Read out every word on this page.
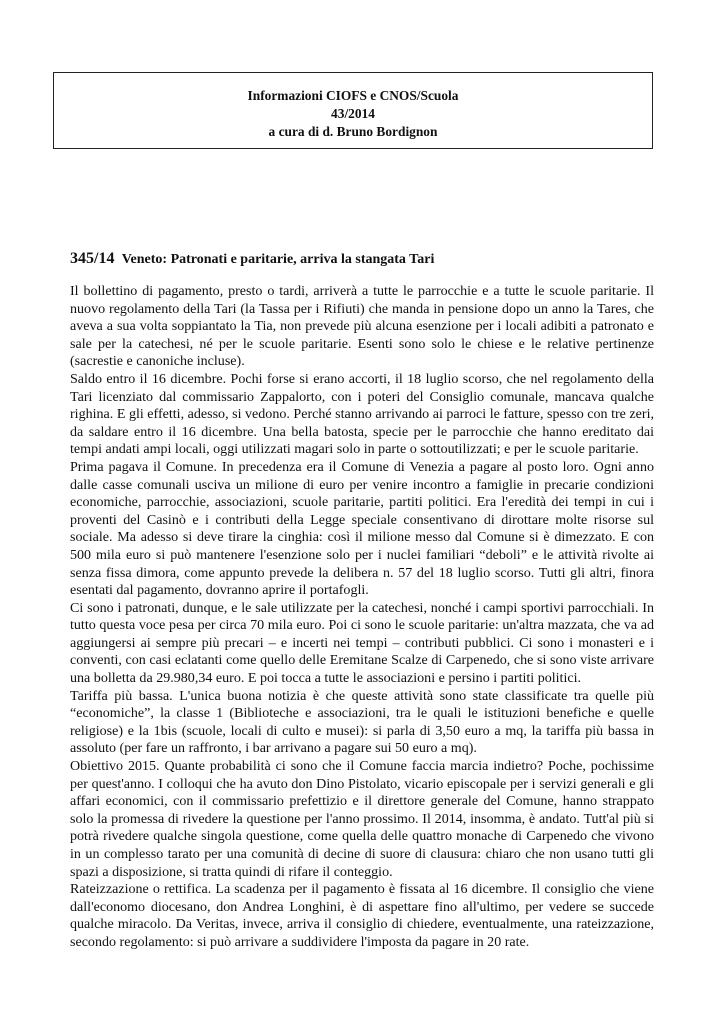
Informazioni CIOFS e CNOS/Scuola
43/2014
a cura di d. Bruno Bordignon
345/14 Veneto: Patronati e paritarie, arriva la stangata Tari

Il bollettino di pagamento, presto o tardi, arriverà a tutte le parrocchie e a tutte le scuole paritarie. Il nuovo regolamento della Tari (la Tassa per i Rifiuti) che manda in pensione dopo un anno la Tares, che aveva a sua volta soppiantato la Tia, non prevede più alcuna esenzione per i locali adibiti a patronato e sale per la catechesi, né per le scuole paritarie. Esenti sono solo le chiese e le relative pertinenze (sacrestie e canoniche incluse).

Saldo entro il 16 dicembre. Pochi forse si erano accorti, il 18 luglio scorso, che nel regolamento della Tari licenziato dal commissario Zappalorto, con i poteri del Consiglio comunale, mancava qualche righina. E gli effetti, adesso, si vedono. Perché stanno arrivando ai parroci le fatture, spesso con tre zeri, da saldare entro il 16 dicembre. Una bella batosta, specie per le parrocchie che hanno ereditato dai tempi andati ampi locali, oggi utilizzati magari solo in parte o sottoutilizzati; e per le scuole paritarie.

Prima pagava il Comune. In precedenza era il Comune di Venezia a pagare al posto loro. Ogni anno dalle casse comunali usciva un milione di euro per venire incontro a famiglie in precarie condizioni economiche, parrocchie, associazioni, scuole paritarie, partiti politici. Era l'eredità dei tempi in cui i proventi del Casinò e i contributi della Legge speciale consentivano di dirottare molte risorse sul sociale. Ma adesso si deve tirare la cinghia: così il milione messo dal Comune si è dimezzato. E con 500 mila euro si può mantenere l'esenzione solo per i nuclei familiari “deboli” e le attività rivolte ai senza fissa dimora, come appunto prevede la delibera n. 57 del 18 luglio scorso. Tutti gli altri, finora esentati dal pagamento, dovranno aprire il portafogli.

Ci sono i patronati, dunque, e le sale utilizzate per la catechesi, nonché i campi sportivi parrocchiali. In tutto questa voce pesa per circa 70 mila euro. Poi ci sono le scuole paritarie: un'altra mazzata, che va ad aggiungersi ai sempre più precari – e incerti nei tempi – contributi pubblici. Ci sono i monasteri e i conventi, con casi eclatanti come quello delle Eremitane Scalze di Carpenedo, che si sono viste arrivare una bolletta da 29.980,34 euro. E poi tocca a tutte le associazioni e persino i partiti politici.

Tariffa più bassa. L'unica buona notizia è che queste attività sono state classificate tra quelle più “economiche”, la classe 1 (Biblioteche e associazioni, tra le quali le istituzioni benefiche e quelle religiose) e la 1bis (scuole, locali di culto e musei): si parla di 3,50 euro a mq, la tariffa più bassa in assoluto (per fare un raffronto, i bar arrivano a pagare sui 50 euro a mq).

Obiettivo 2015. Quante probabilità ci sono che il Comune faccia marcia indietro? Poche, pochissime per quest'anno. I colloqui che ha avuto don Dino Pistolato, vicario episcopale per i servizi generali e gli affari economici, con il commissario prefettizio e il direttore generale del Comune, hanno strappato solo la promessa di rivedere la questione per l'anno prossimo. Il 2014, insomma, è andato. Tutt'al più si potrà rivedere qualche singola questione, come quella delle quattro monache di Carpenedo che vivono in un complesso tarato per una comunità di decine di suore di clausura: chiaro che non usano tutti gli spazi a disposizione, si tratta quindi di rifare il conteggio.

Rateizzazione o rettifica. La scadenza per il pagamento è fissata al 16 dicembre. Il consiglio che viene dall'economo diocesano, don Andrea Longhini, è di aspettare fino all'ultimo, per vedere se succede qualche miracolo. Da Veritas, invece, arriva il consiglio di chiedere, eventualmente, una rateizzazione, secondo regolamento: si può arrivare a suddividere l'imposta da pagare in 20 rate.
